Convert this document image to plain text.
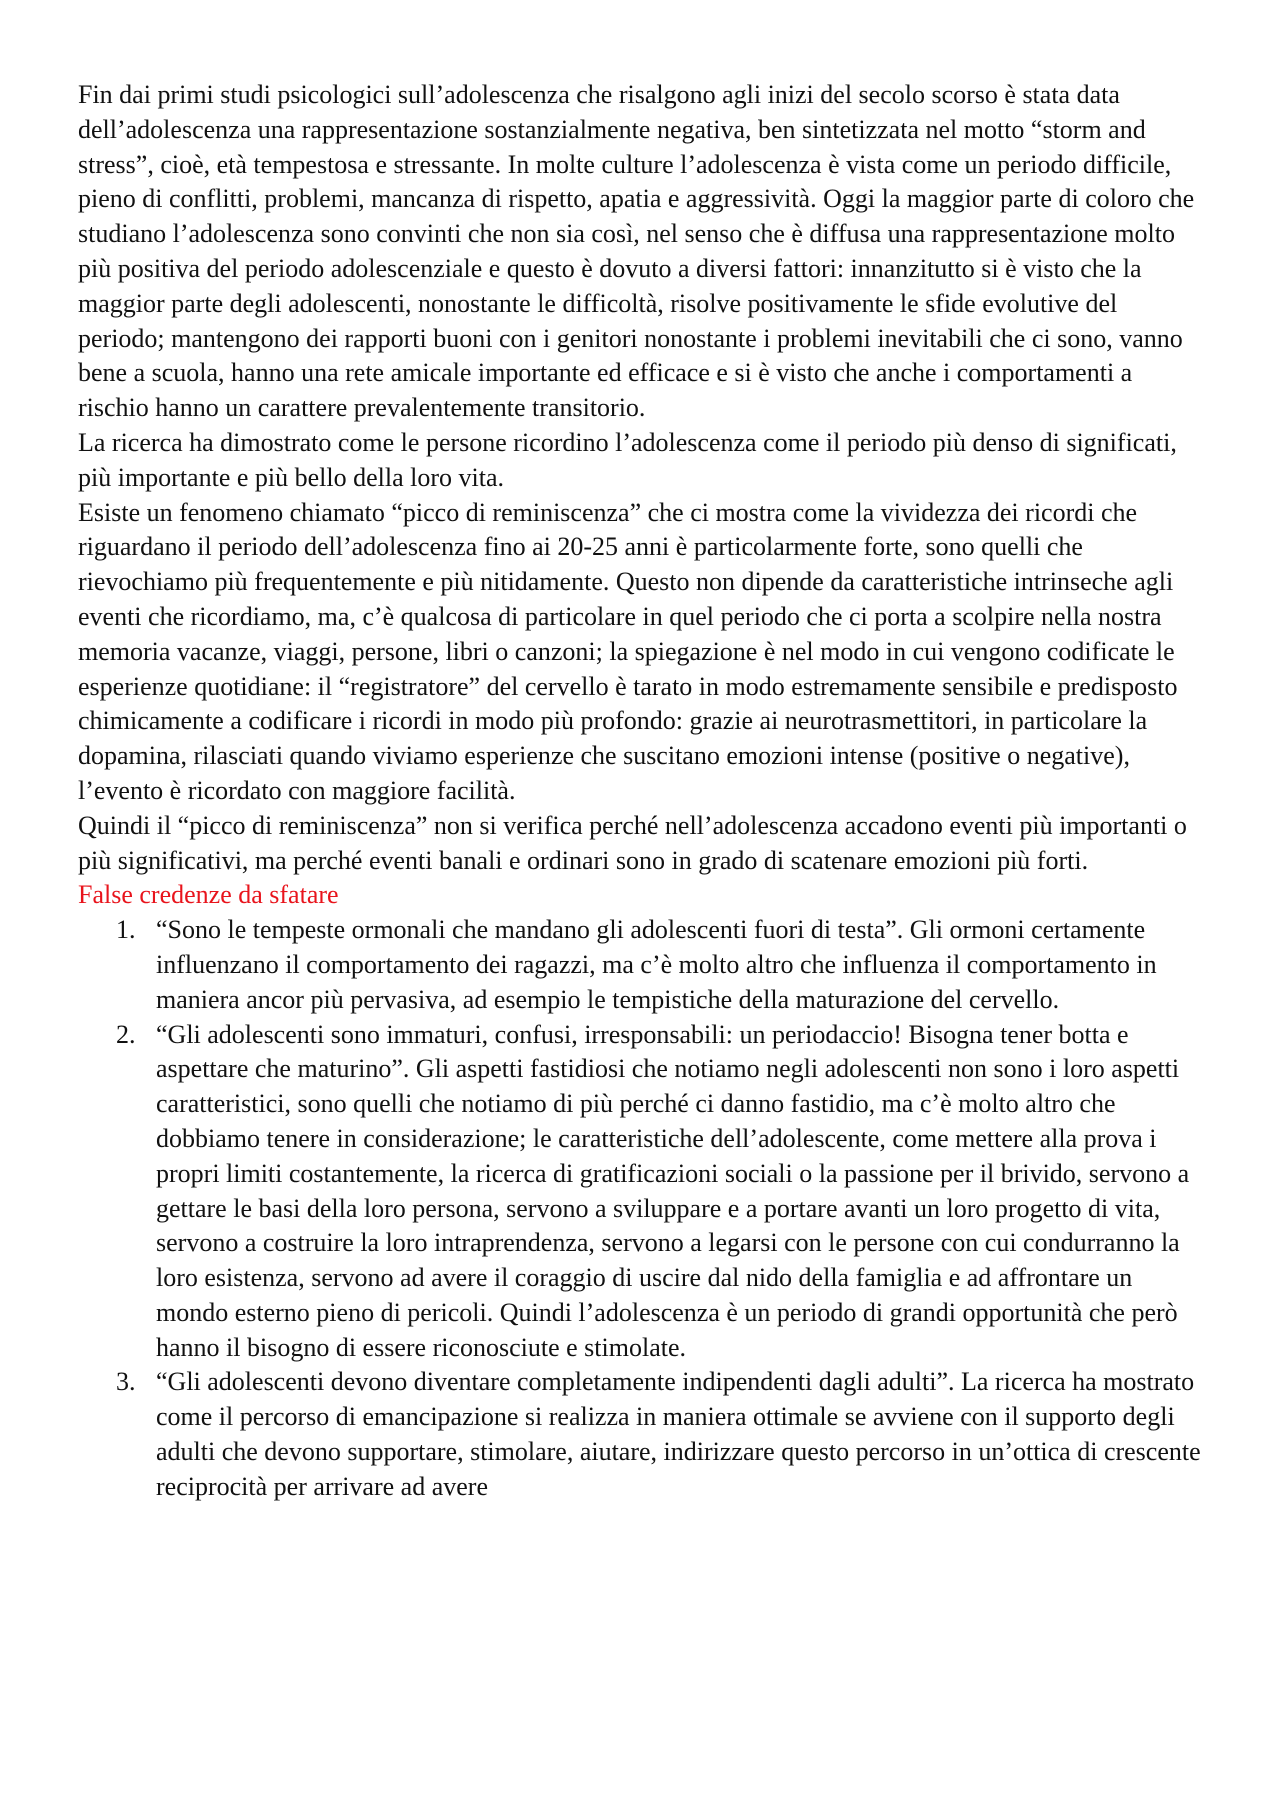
Fin dai primi studi psicologici sull’adolescenza che risalgono agli inizi del secolo scorso è stata data dell’adolescenza una rappresentazione sostanzialmente negativa, ben sintetizzata nel motto “storm and stress”, cioè, età tempestosa e stressante. In molte culture l’adolescenza è vista come un periodo difficile, pieno di conflitti, problemi, mancanza di rispetto, apatia e aggressività. Oggi la maggior parte di coloro che studiano l’adolescenza sono convinti che non sia così, nel senso che è diffusa una rappresentazione molto più positiva del periodo adolescenziale e questo è dovuto a diversi fattori: innanzitutto si è visto che la maggior parte degli adolescenti, nonostante le difficoltà, risolve positivamente le sfide evolutive del periodo; mantengono dei rapporti buoni con i genitori nonostante i problemi inevitabili che ci sono, vanno bene a scuola, hanno una rete amicale importante ed efficace e si è visto che anche i comportamenti a rischio hanno un carattere prevalentemente transitorio.

La ricerca ha dimostrato come le persone ricordino l’adolescenza come il periodo più denso di significati, più importante e più bello della loro vita.

Esiste un fenomeno chiamato “picco di reminiscenza” che ci mostra come la vividezza dei ricordi che riguardano il periodo dell’adolescenza fino ai 20-25 anni è particolarmente forte, sono quelli che rievochiamo più frequentemente e più nitidamente. Questo non dipende da caratteristiche intrinseche agli eventi che ricordiamo, ma, c’è qualcosa di particolare in quel periodo che ci porta a scolpire nella nostra memoria vacanze, viaggi, persone, libri o canzoni; la spiegazione è nel modo in cui vengono codificate le esperienze quotidiane: il “registratore” del cervello è tarato in modo estremamente sensibile e predisposto chimicamente a codificare i ricordi in modo più profondo: grazie ai neurotrasmettitori, in particolare la dopamina, rilasciati quando viviamo esperienze che suscitano emozioni intense (positive o negative), l’evento è ricordato con maggiore facilità.

Quindi il “picco di reminiscenza” non si verifica perché nell’adolescenza accadono eventi più importanti o più significativi, ma perché eventi banali e ordinari sono in grado di scatenare emozioni più forti.

False credenze da sfatare
1. “Sono le tempeste ormonali che mandano gli adolescenti fuori di testa”. Gli ormoni certamente influenzano il comportamento dei ragazzi, ma c’è molto altro che influenza il comportamento in maniera ancor più pervasiva, ad esempio le tempistiche della maturazione del cervello.
2. “Gli adolescenti sono immaturi, confusi, irresponsabili: un periodaccio! Bisogna tener botta e aspettare che maturino”. Gli aspetti fastidiosi che notiamo negli adolescenti non sono i loro aspetti caratteristici, sono quelli che notiamo di più perché ci danno fastidio, ma c’è molto altro che dobbiamo tenere in considerazione; le caratteristiche dell’adolescente, come mettere alla prova i propri limiti costantemente, la ricerca di gratificazioni sociali o la passione per il brivido, servono a gettare le basi della loro persona, servono a sviluppare e a portare avanti un loro progetto di vita, servono a costruire la loro intraprendenza, servono a legarsi con le persone con cui condurranno la loro esistenza, servono ad avere il coraggio di uscire dal nido della famiglia e ad affrontare un mondo esterno pieno di pericoli. Quindi l’adolescenza è un periodo di grandi opportunità che però hanno il bisogno di essere riconosciute e stimolate.
3. “Gli adolescenti devono diventare completamente indipendenti dagli adulti”. La ricerca ha mostrato come il percorso di emancipazione si realizza in maniera ottimale se avviene con il supporto degli adulti che devono supportare, stimolare, aiutare, indirizzare questo percorso in un’ottica di crescente reciprocità per arrivare ad avere
